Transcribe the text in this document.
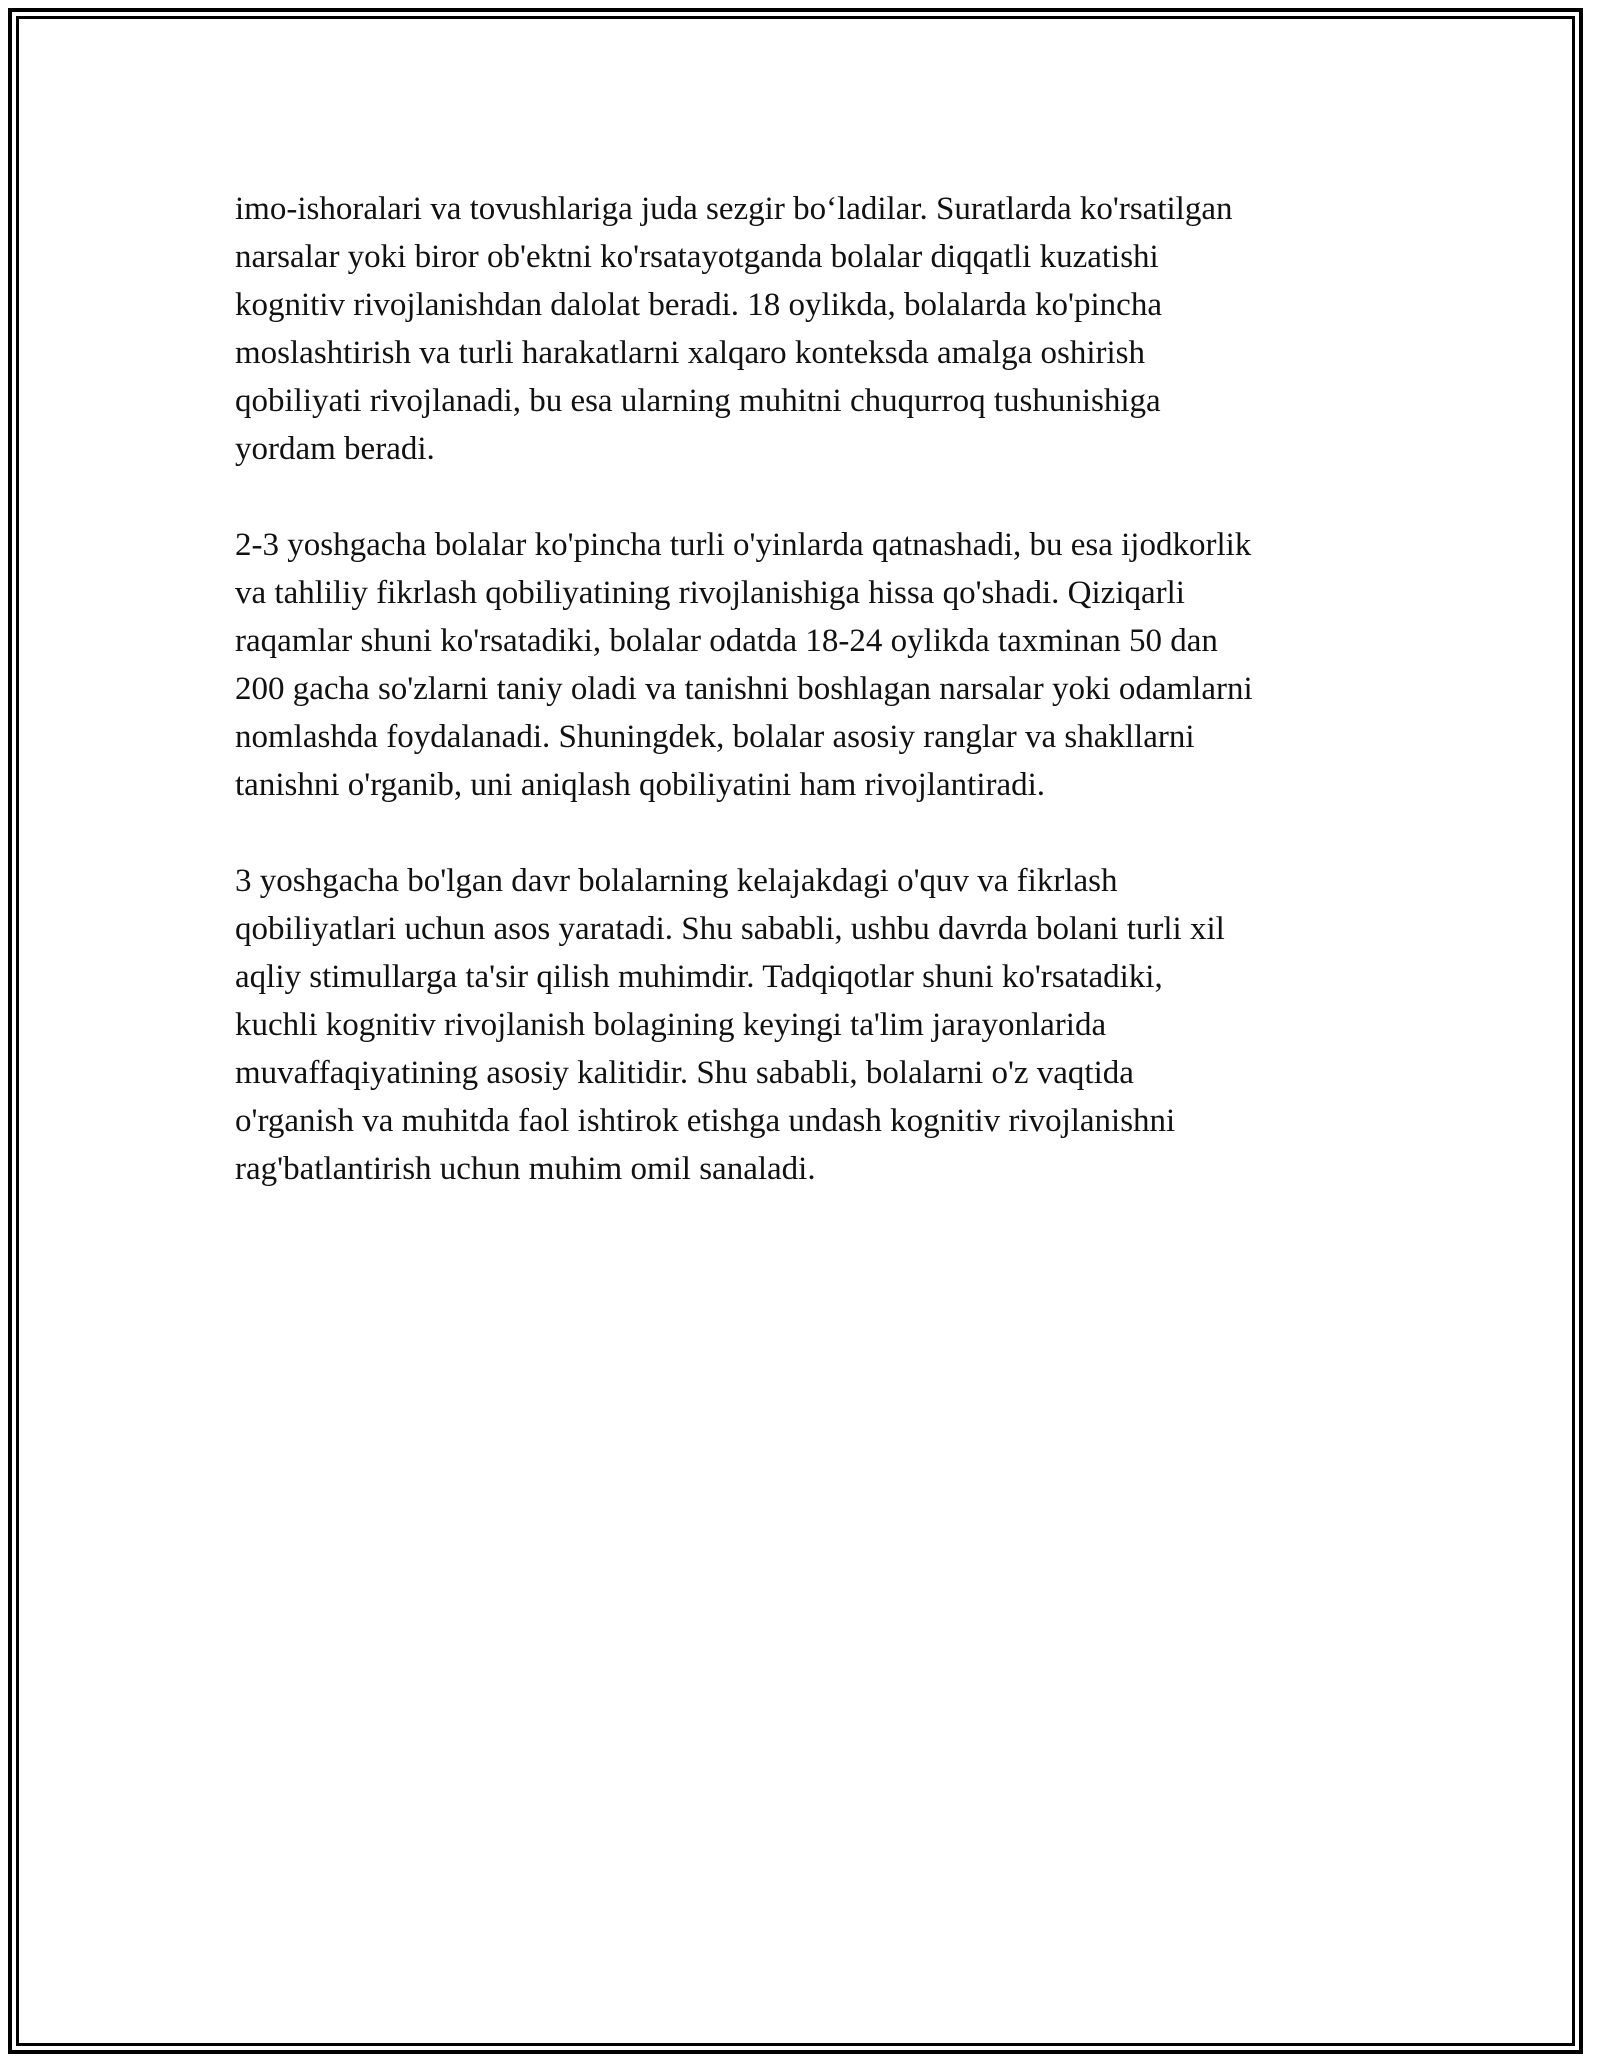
imo-ishoralari va tovushlariga juda sezgir bo‘ladilar. Suratlarda ko'rsatilgan
narsalar yoki biror ob'ektni ko'rsatayotganda bolalar diqqatli kuzatishi
kognitiv rivojlanishdan dalolat beradi. 18 oylikda, bolalarda ko'pincha
moslashtirish va turli harakatlarni xalqaro konteksda amalga oshirish
qobiliyati rivojlanadi, bu esa ularning muhitni chuqurroq tushunishiga
yordam beradi.

2-3 yoshgacha bolalar ko'pincha turli o'yinlarda qatnashadi, bu esa ijodkorlik
va tahliliy fikrlash qobiliyatining rivojlanishiga hissa qo'shadi. Qiziqarli
raqamlar shuni ko'rsatadiki, bolalar odatda 18-24 oylikda taxminan 50 dan
200 gacha so'zlarni taniy oladi va tanishni boshlagan narsalar yoki odamlarni
nomlashda foydalanadi. Shuningdek, bolalar asosiy ranglar va shakllarni
tanishni o'rganib, uni aniqlash qobiliyatini ham rivojlantiradi.

3 yoshgacha bo'lgan davr bolalarning kelajakdagi o'quv va fikrlash
qobiliyatlari uchun asos yaratadi. Shu sababli, ushbu davrda bolani turli xil
aqliy stimullarga ta'sir qilish muhimdir. Tadqiqotlar shuni ko'rsatadiki,
kuchli kognitiv rivojlanish bolagining keyingi ta'lim jarayonlarida
muvaffaqiyatining asosiy kalitidir. Shu sababli, bolalarni o'z vaqtida
o'rganish va muhitda faol ishtirok etishga undash kognitiv rivojlanishni
rag'batlantirish uchun muhim omil sanaladi.
